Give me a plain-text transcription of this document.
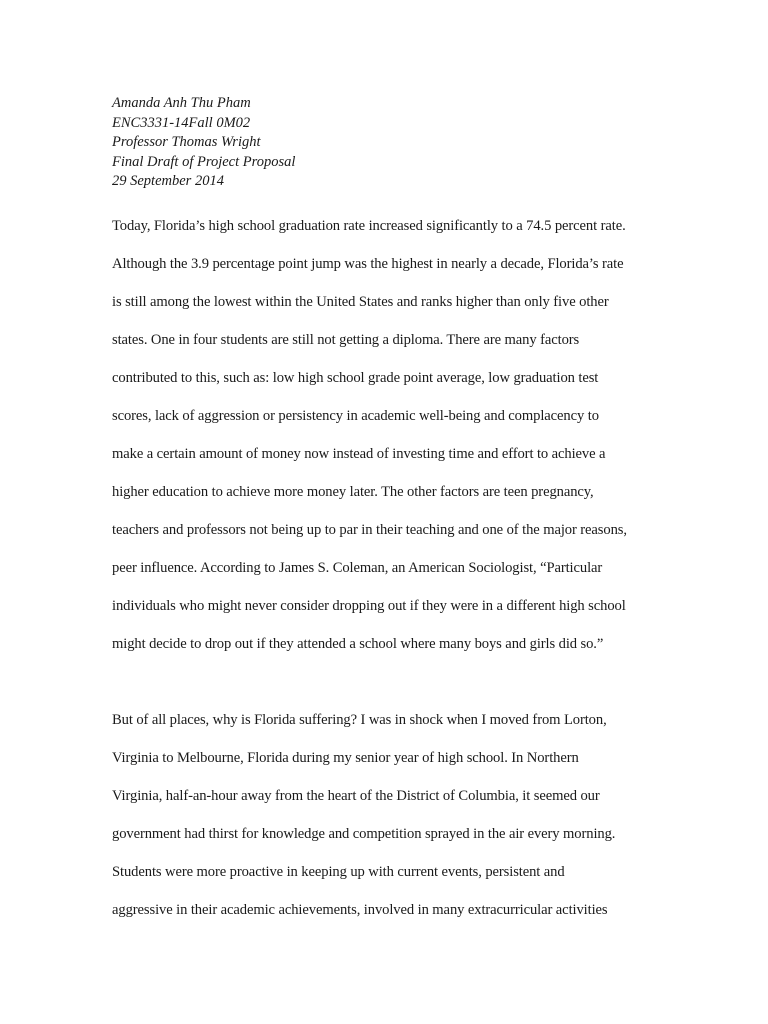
Amanda Anh Thu Pham
ENC3331-14Fall 0M02
Professor Thomas Wright
Final Draft of Project Proposal
29 September 2014
Today, Florida’s high school graduation rate increased significantly to a 74.5 percent rate.
Although the 3.9 percentage point jump was the highest in nearly a decade, Florida’s rate
is still among the lowest within the United States and ranks higher than only five other
states. One in four students are still not getting a diploma. There are many factors
contributed to this, such as: low high school grade point average, low graduation test
scores, lack of aggression or persistency in academic well-being and complacency to
make a certain amount of money now instead of investing time and effort to achieve a
higher education to achieve more money later. The other factors are teen pregnancy,
teachers and professors not being up to par in their teaching and one of the major reasons,
peer influence. According to James S. Coleman, an American Sociologist, “Particular
individuals who might never consider dropping out if they were in a different high school
might decide to drop out if they attended a school where many boys and girls did so.”
But of all places, why is Florida suffering? I was in shock when I moved from Lorton,
Virginia to Melbourne, Florida during my senior year of high school. In Northern
Virginia, half-an-hour away from the heart of the District of Columbia, it seemed our
government had thirst for knowledge and competition sprayed in the air every morning.
Students were more proactive in keeping up with current events, persistent and
aggressive in their academic achievements, involved in many extracurricular activities
